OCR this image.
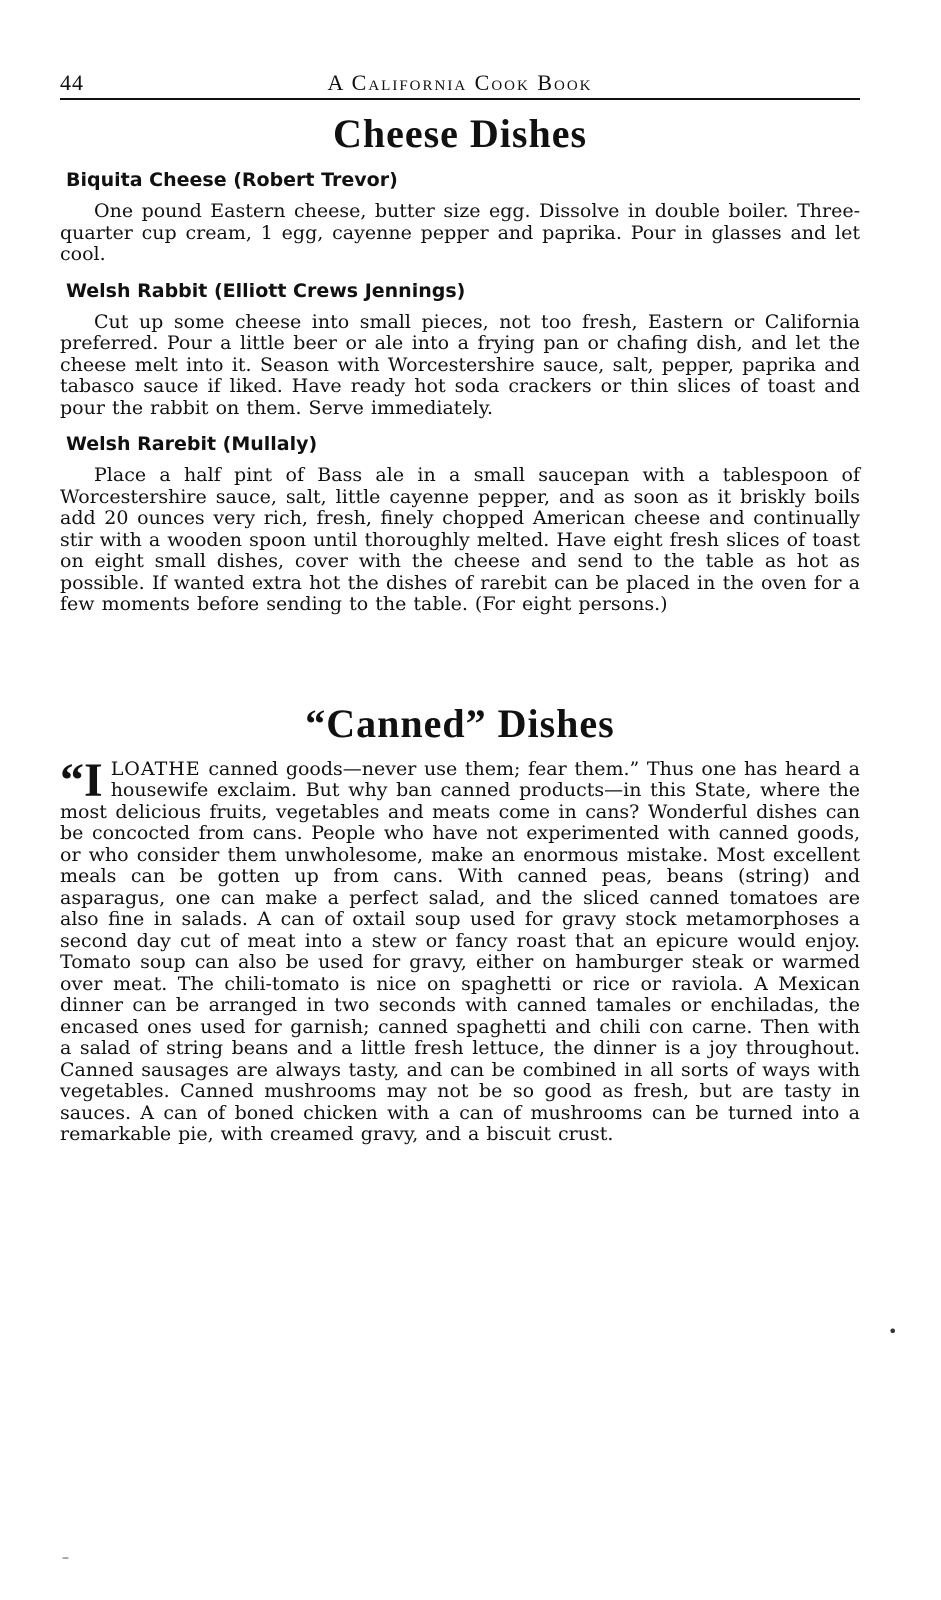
44	A California Cook Book
Cheese Dishes
Biquita Cheese (Robert Trevor)

One pound Eastern cheese, butter size egg. Dissolve in double boiler. Three-quarter cup cream, 1 egg, cayenne pepper and paprika. Pour in glasses and let cool.

Welsh Rabbit (Elliott Crews Jennings)

Cut up some cheese into small pieces, not too fresh, Eastern or California preferred. Pour a little beer or ale into a frying pan or chafing dish, and let the cheese melt into it. Season with Worcestershire sauce, salt, pepper, paprika and tabasco sauce if liked. Have ready hot soda crackers or thin slices of toast and pour the rabbit on them. Serve immediately.

Welsh Rarebit (Mullaly)

Place a half pint of Bass ale in a small saucepan with a tablespoon of Worcestershire sauce, salt, little cayenne pepper, and as soon as it briskly boils add 20 ounces very rich, fresh, finely chopped American cheese and continually stir with a wooden spoon until thoroughly melted. Have eight fresh slices of toast on eight small dishes, cover with the cheese and send to the table as hot as possible. If wanted extra hot the dishes of rarebit can be placed in the oven for a few moments before sending to the table. (For eight persons.)

“Canned” Dishes

“ILOATHE canned goods—never use them; fear them.” Thus one has heard a housewife exclaim. But why ban canned products—in this State, where the most delicious fruits, vegetables and meats come in cans? Wonderful dishes can be concocted from cans. People who have not experimented with canned goods, or who consider them unwholesome, make an enormous mistake. Most excellent meals can be gotten up from cans. With canned peas, beans (string) and asparagus, one can make a perfect salad, and the sliced canned tomatoes are also fine in salads. A can of oxtail soup used for gravy stock metamorphoses a second day cut of meat into a stew or fancy roast that an epicure would enjoy. Tomato soup can also be used for gravy, either on hamburger steak or warmed over meat. The chili-tomato is nice on spaghetti or rice or raviola. A Mexican dinner can be arranged in two seconds with canned tamales or enchiladas, the encased ones used for garnish; canned spaghetti and chili con carne. Then with a salad of string beans and a little fresh lettuce, the dinner is a joy throughout. Canned sausages are always tasty, and can be combined in all sorts of ways with vegetables. Canned mushrooms may not be so good as fresh, but are tasty in sauces. A can of boned chicken with a can of mushrooms can be turned into a remarkable pie, with creamed gravy, and a biscuit crust.

•
–
